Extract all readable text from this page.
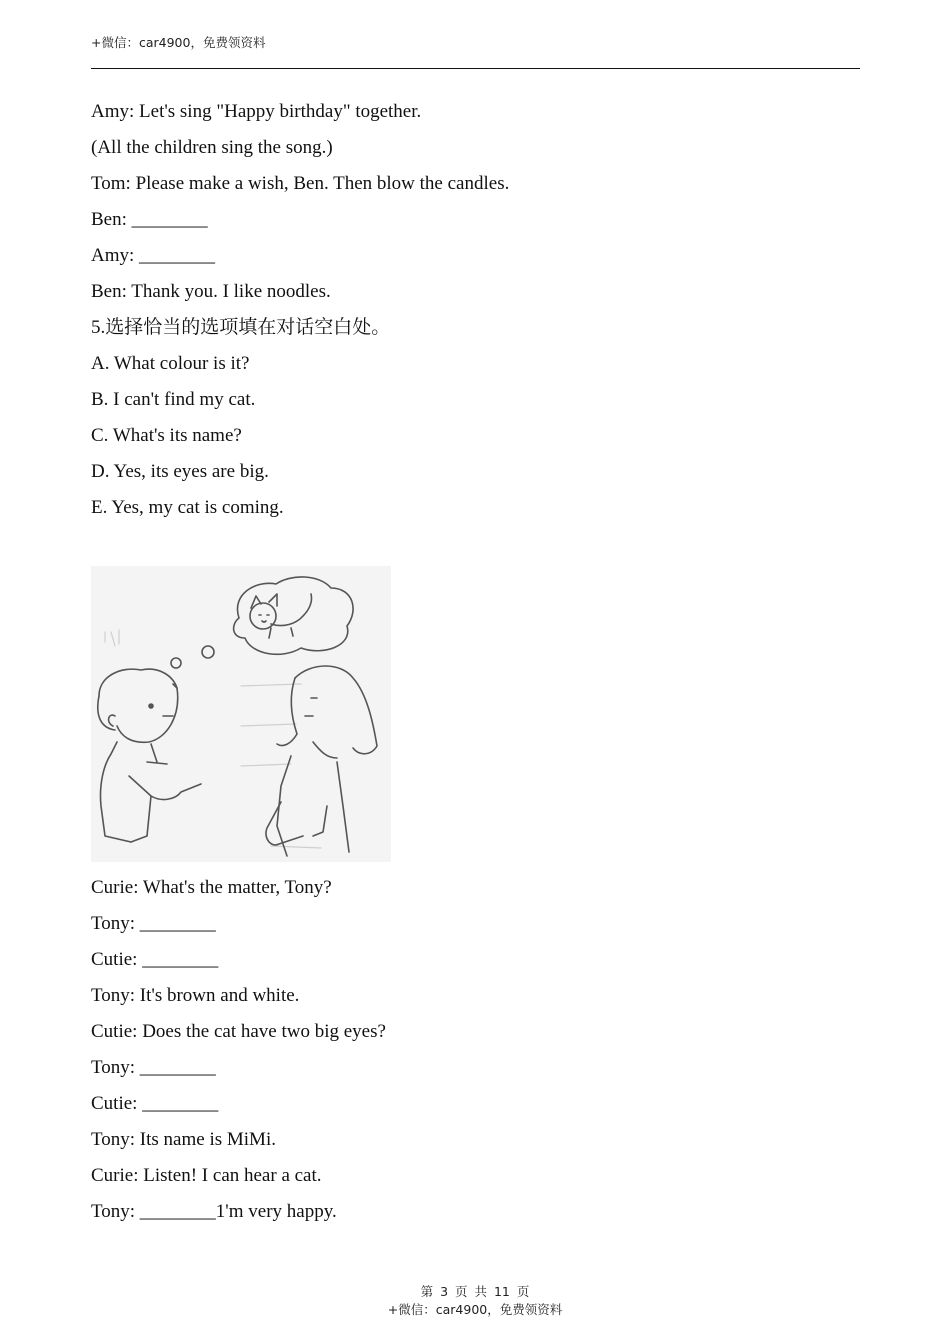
+微信：car4900，免费领资料
Amy: Let's sing "Happy birthday" together.
(All the children sing the song.)
Tom: Please make a wish, Ben. Then blow the candles.
Ben: ________
Amy: ________
Ben: Thank you. I like noodles.
5.选择恰当的选项填在对话空白处。
A. What colour is it?
B. I can't find my cat.
C. What's its name?
D. Yes, its eyes are big.
E. Yes, my cat is coming.
Curie: What's the matter, Tony?
Tony: ________
Cutie: ________
Tony: It's brown and white.
Cutie: Does the cat have two big eyes?
Tony: ________
Cutie: ________
Tony: Its name is MiMi.
Curie: Listen! I can hear a cat.
Tony: ________1'm very happy.
第 3 页 共 11 页
+微信：car4900，免费领资料
